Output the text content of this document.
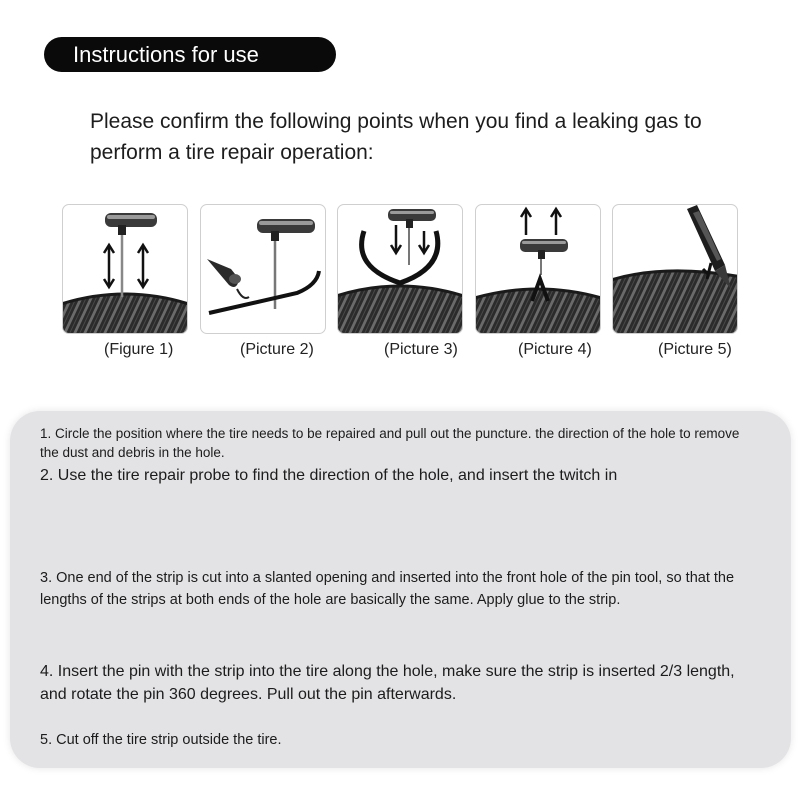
Instructions for use
Please confirm the following points when you find a leaking gas to perform a tire repair operation:
(Figure 1)	(Picture 2)	(Picture 3)	(Picture 4)	(Picture 5)
1. Circle the position where the tire needs to be repaired and pull out the puncture. the direction of the hole to remove the dust and debris in the hole.
2. Use the tire repair probe to find the direction of the hole, and insert the twitch in
3. One end of the strip is cut into a slanted opening and inserted into the front hole of the pin tool, so that the lengths of the strips at both ends of the hole are basically the same. Apply glue to the strip.
4. Insert the pin with the strip into the tire along the hole, make sure the strip is inserted 2/3 length, and rotate the pin 360 degrees. Pull out the pin afterwards.
5. Cut off the tire strip outside the tire.
